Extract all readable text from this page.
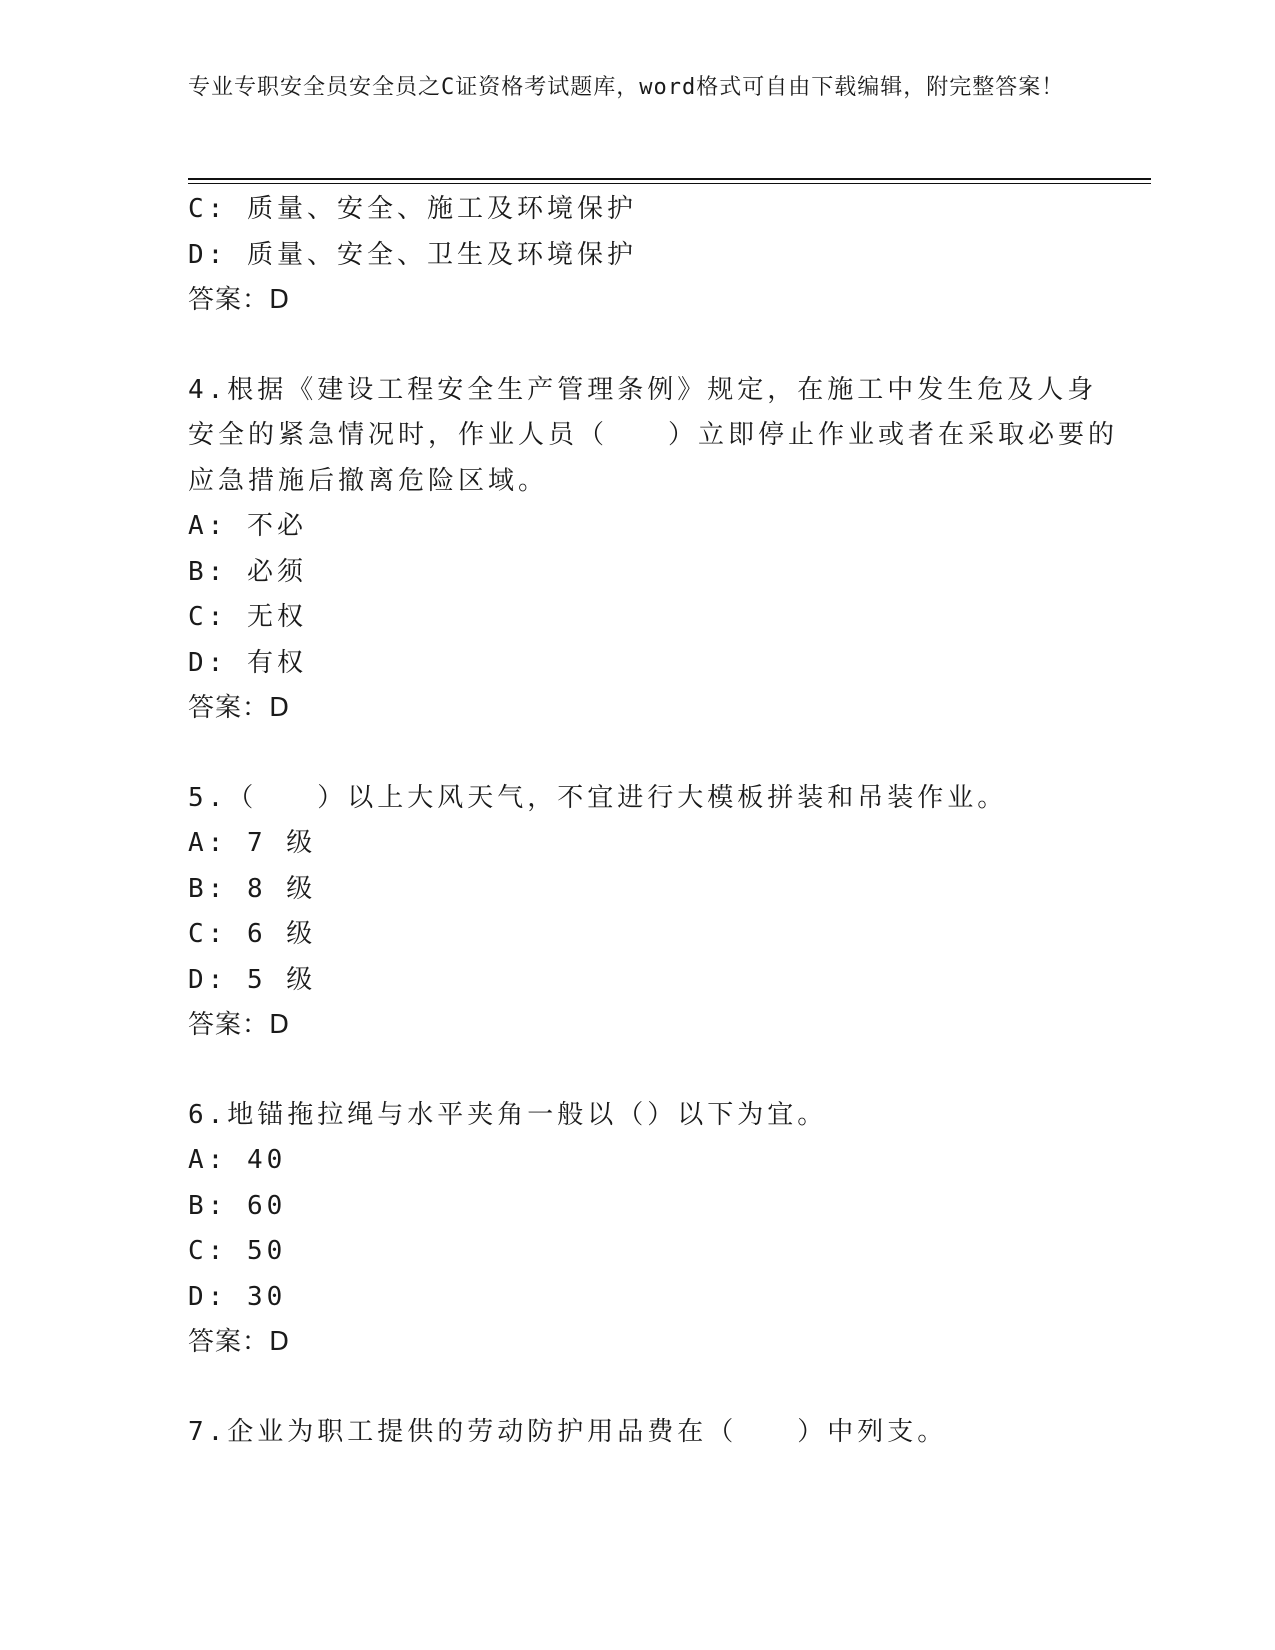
专业专职安全员安全员之C证资格考试题库，word格式可自由下载编辑，附完整答案！
C: 质量、安全、施工及环境保护
D: 质量、安全、卫生及环境保护
答案：D
4.根据《建设工程安全生产管理条例》规定，在施工中发生危及人身
安全的紧急情况时，作业人员（　　）立即停止作业或者在采取必要的
应急措施后撤离危险区域。
A: 不必
B: 必须
C: 无权
D: 有权
答案：D
5.（　　）以上大风天气，不宜进行大模板拼装和吊装作业。
A: 7 级
B: 8 级
C: 6 级
D: 5 级
答案：D
6.地锚拖拉绳与水平夹角一般以（）以下为宜。
A: 40
B: 60
C: 50
D: 30
答案：D
7.企业为职工提供的劳动防护用品费在（　　）中列支。
